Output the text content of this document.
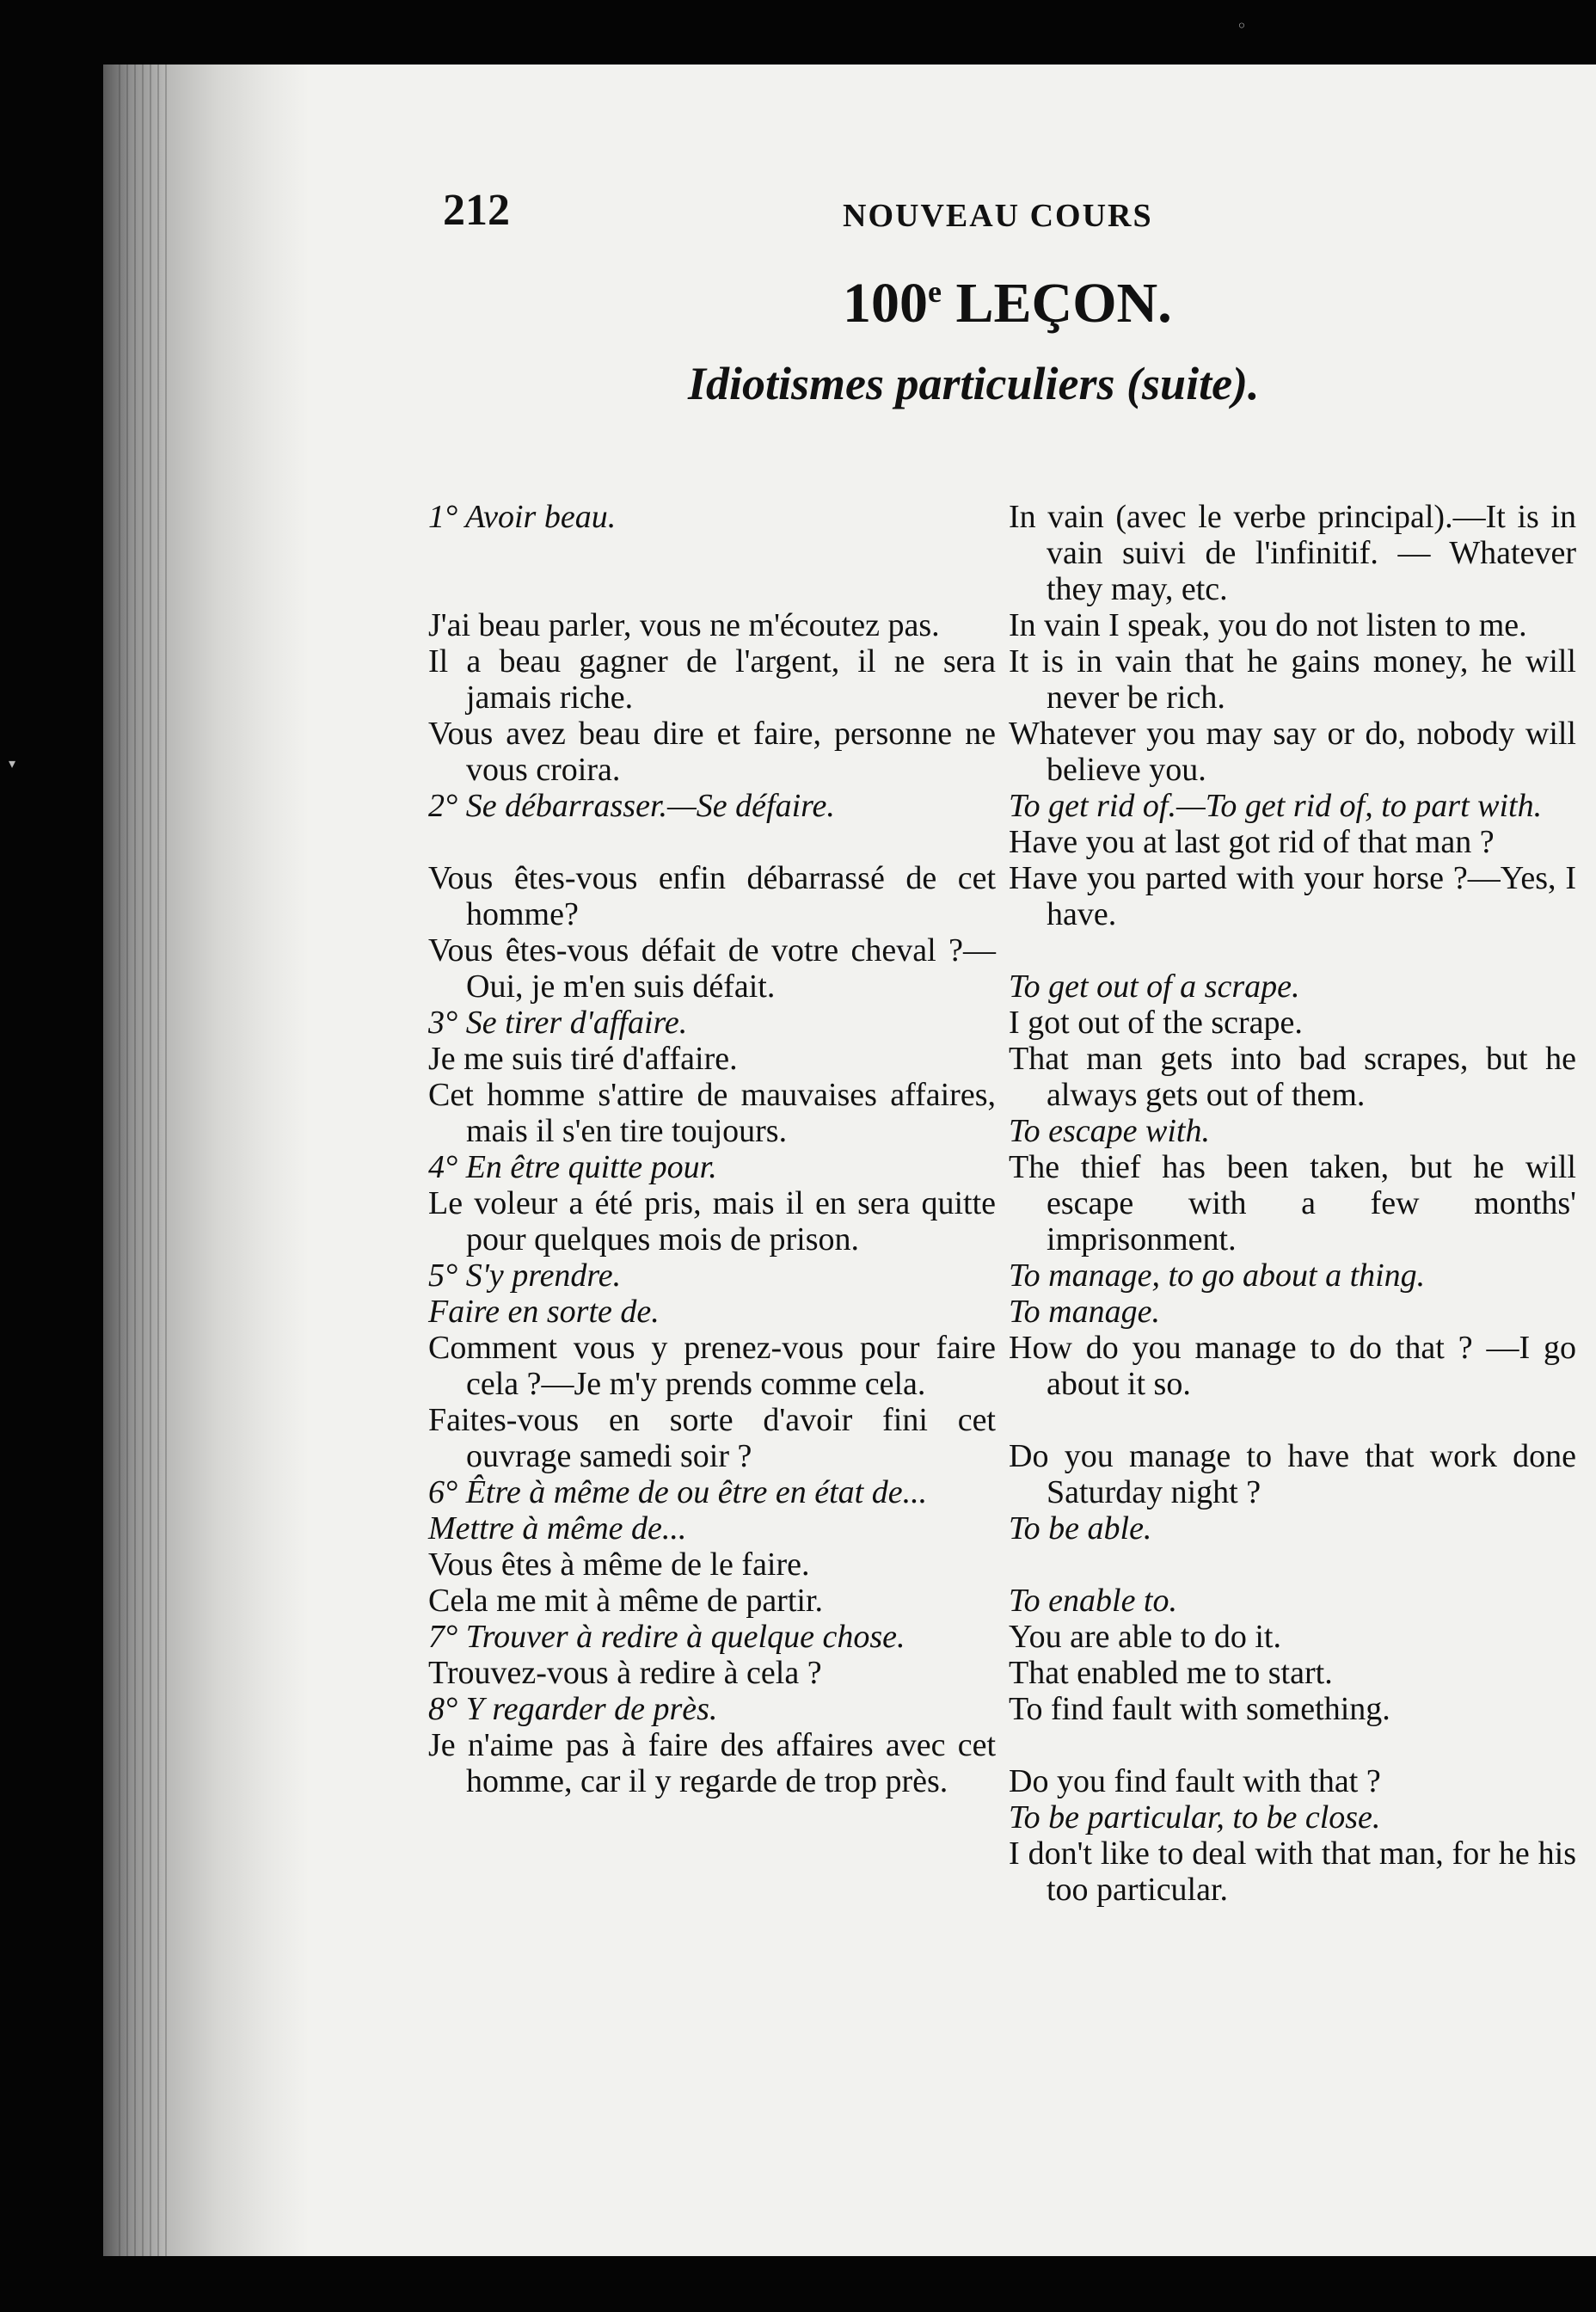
◦
▾
212	NOUVEAU COURS
100e LEÇON.
Idiotismes particuliers (suite).
1° Avoir beau.
J'ai beau parler, vous ne m'écoutez pas.
Il a beau gagner de l'argent, il ne sera jamais riche.
Vous avez beau dire et faire, personne ne vous croira.
2° Se débarrasser.—Se défaire.
Vous êtes-vous enfin débarrassé de cet homme?
Vous êtes-vous défait de votre cheval ?—Oui, je m'en suis défait.
3° Se tirer d'affaire.
Je me suis tiré d'affaire.
Cet homme s'attire de mauvaises affaires, mais il s'en tire toujours.
4° En être quitte pour.
Le voleur a été pris, mais il en sera quitte pour quelques mois de prison.
5° S'y prendre.
Faire en sorte de.
Comment vous y prenez-vous pour faire cela ?—Je m'y prends comme cela.
Faites-vous en sorte d'avoir fini cet ouvrage samedi soir ?
6° Être à même de ou être en état de...
Mettre à même de...
Vous êtes à même de le faire.
Cela me mit à même de partir.
7° Trouver à redire à quelque chose.
Trouvez-vous à redire à cela ?
8° Y regarder de près.
Je n'aime pas à faire des affaires avec cet homme, car il y regarde de trop près.
In vain (avec le verbe principal).—It is in vain suivi de l'infinitif. — Whatever they may, etc.
In vain I speak, you do not listen to me.
It is in vain that he gains money, he will never be rich.
Whatever you may say or do, nobody will believe you.
To get rid of.—To get rid of, to part with.
Have you at last got rid of that man ?
Have you parted with your horse ?—Yes, I have.
To get out of a scrape.
I got out of the scrape.
That man gets into bad scrapes, but he always gets out of them.
To escape with.
The thief has been taken, but he will escape with a few months' imprisonment.
To manage, to go about a thing.
To manage.
How do you manage to do that ? —I go about it so.
Do you manage to have that work done Saturday night ?
To be able.
To enable to.
You are able to do it.
That enabled me to start.
To find fault with something.
Do you find fault with that ?
To be particular, to be close.
I don't like to deal with that man, for he his too particular.
